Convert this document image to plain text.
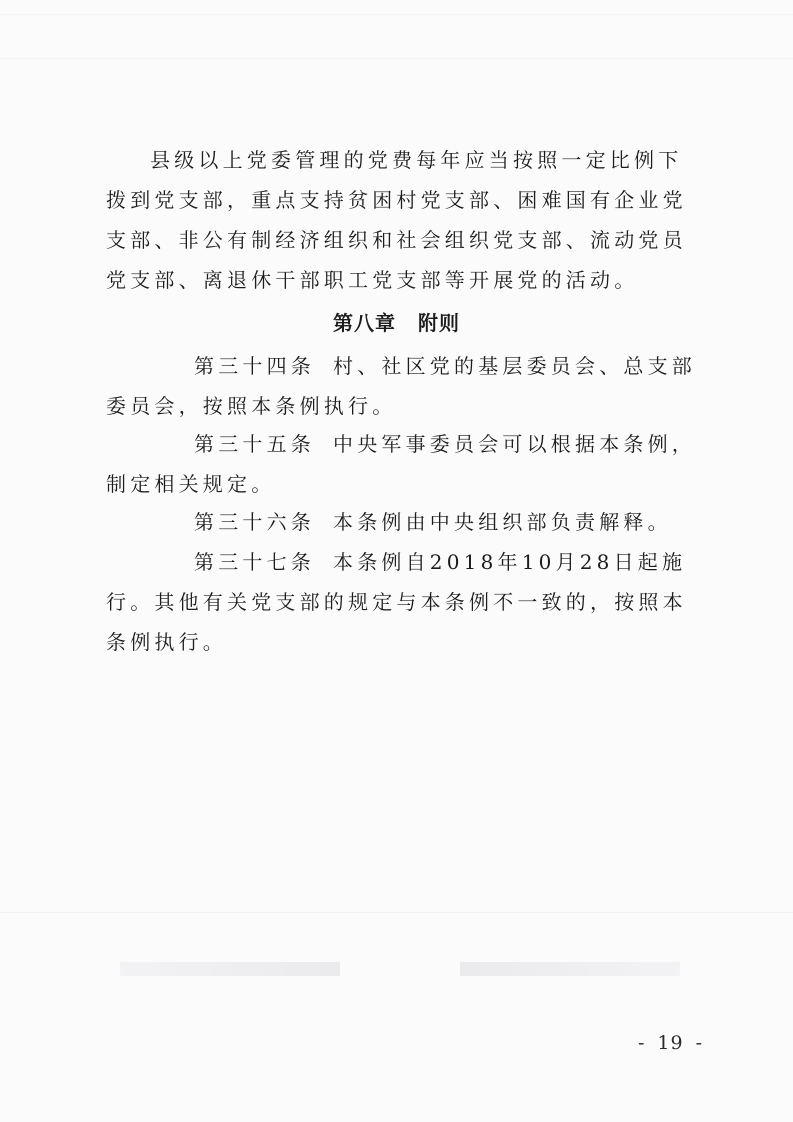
县级以上党委管理的党费每年应当按照一定比例下拨到党支部，重点支持贫困村党支部、困难国有企业党支部、非公有制经济组织和社会组织党支部、流动党员党支部、离退休干部职工党支部等开展党的活动。

第八章 附则

第三十四条 村、社区党的基层委员会、总支部委员会，按照本条例执行。

第三十五条 中央军事委员会可以根据本条例，制定相关规定。

第三十六条 本条例由中央组织部负责解释。

第三十七条 本条例自2018年10月28日起施行。其他有关党支部的规定与本条例不一致的，按照本条例执行。

- 19 -
